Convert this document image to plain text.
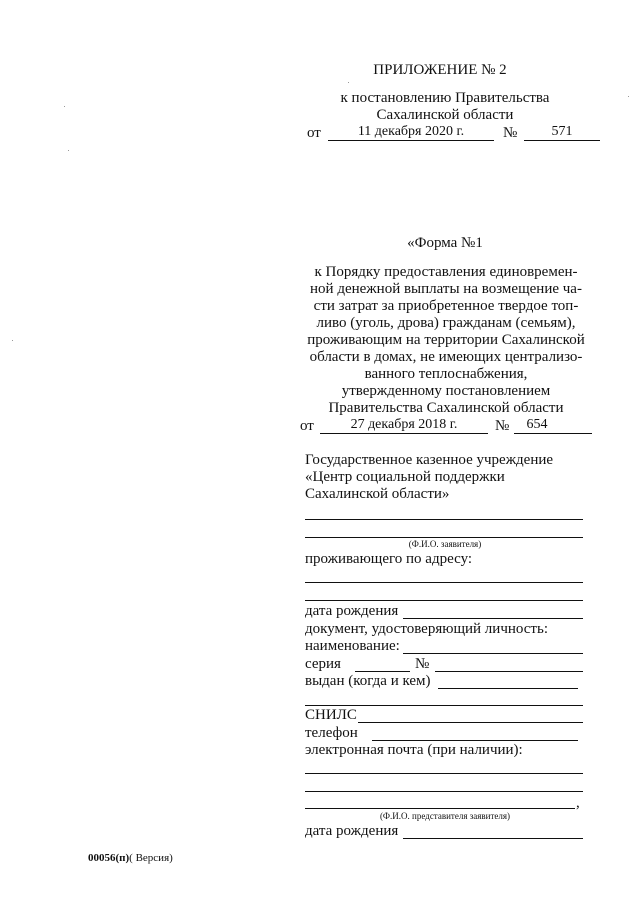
ПРИЛОЖЕНИЕ № 2
к постановлению Правительства
Сахалинской области
от	11 декабря 2020 г.	№	571
«Форма №1
к Порядку предоставления единовремен-
ной денежной выплаты на возмещение ча-
сти затрат за приобретенное твердое топ-
ливо (уголь, дрова) гражданам (семьям),
проживающим на территории Сахалинской
области в домах, не имеющих централизо-
ванного теплоснабжения,
утвержденному постановлением
Правительства Сахалинской области
от	27 декабря 2018 г.	№	654
Государственное казенное учреждение
«Центр социальной поддержки
Сахалинской области»
(Ф.И.О. заявителя)
проживающего по адресу:
дата рождения
документ, удостоверяющий личность:
наименование:
серия	№
выдан (когда и кем)
СНИЛС
телефон
электронная почта (при наличии):
,
(Ф.И.О. представителя заявителя)
дата рождения
00056(п)( Версия)
